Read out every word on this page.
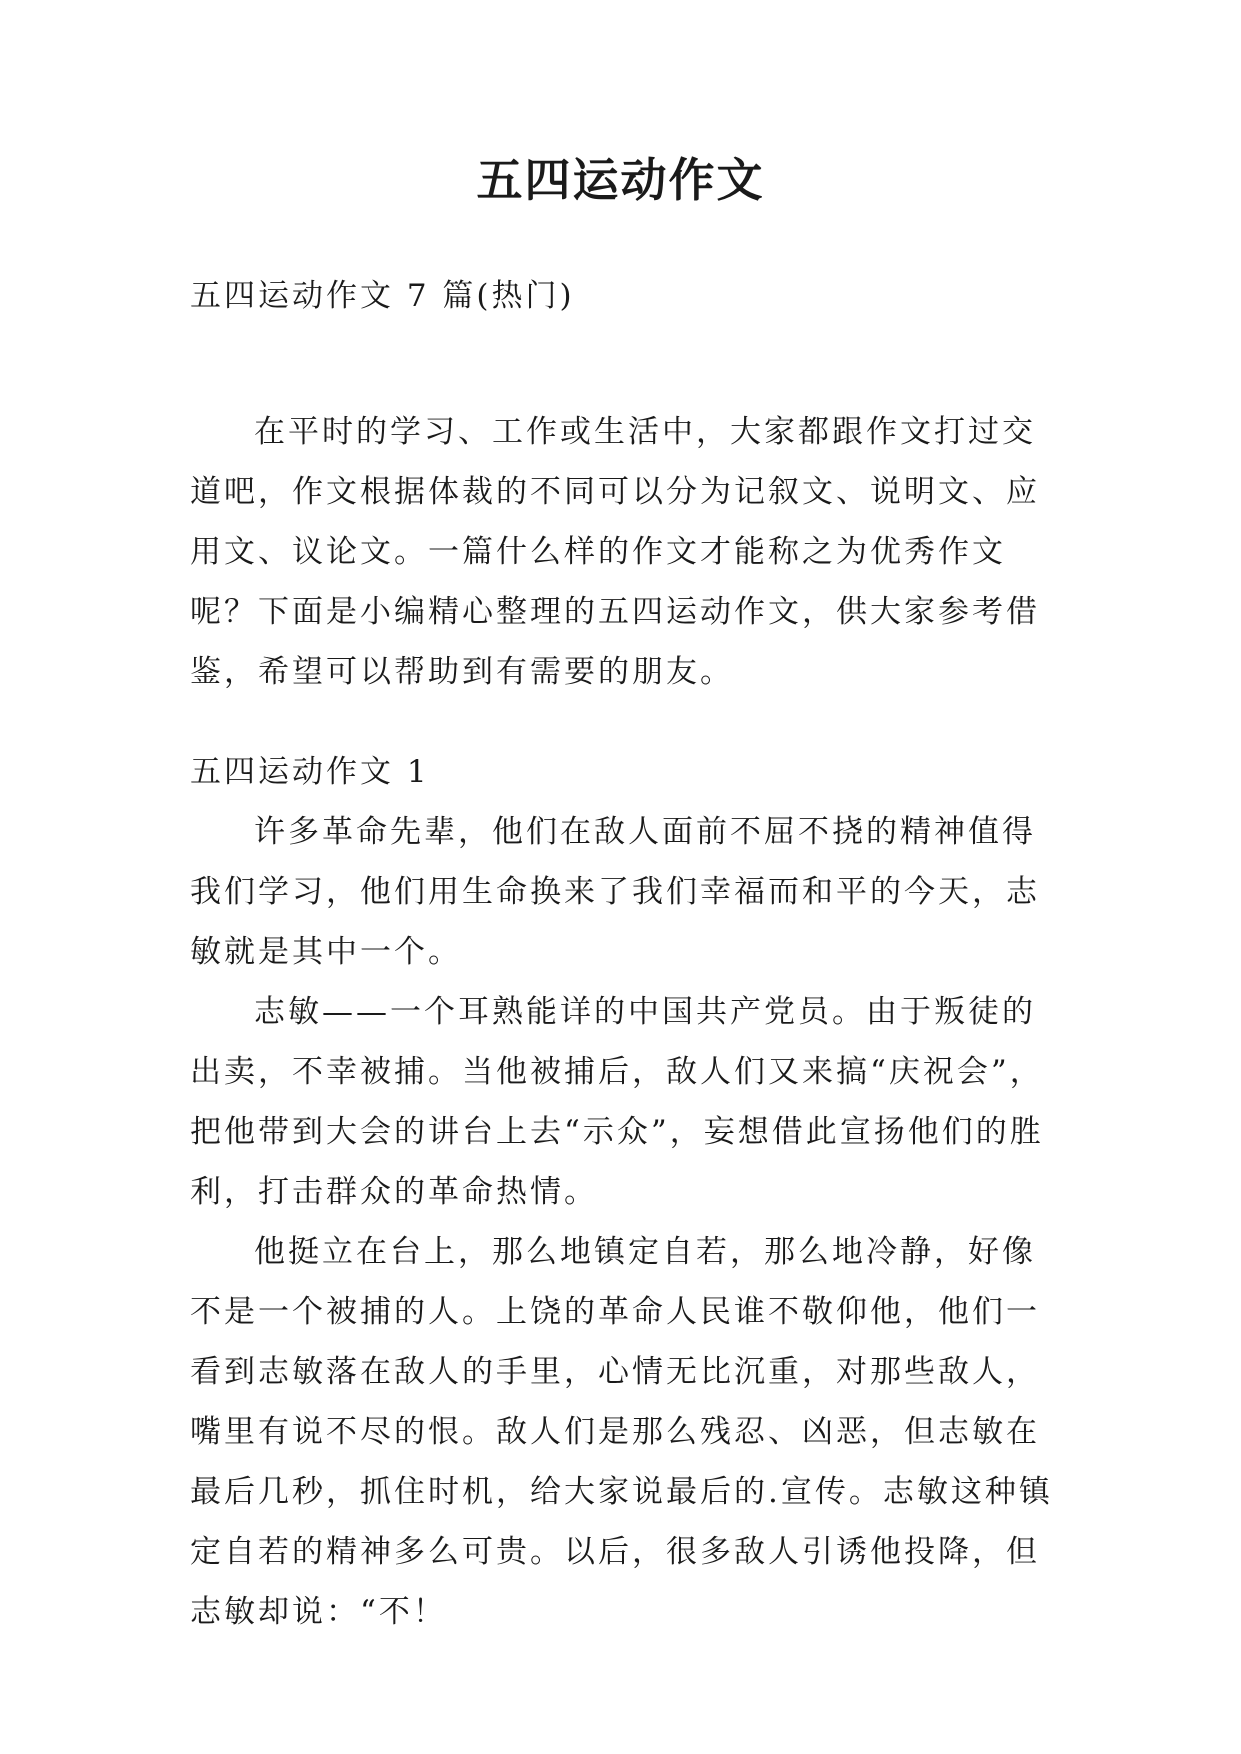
五四运动作文

五四运动作文 7 篇(热门)

在平时的学习、工作或生活中，大家都跟作文打过交道吧，作文根据体裁的不同可以分为记叙文、说明文、应用文、议论文。一篇什么样的作文才能称之为优秀作文呢？下面是小编精心整理的五四运动作文，供大家参考借鉴，希望可以帮助到有需要的朋友。

五四运动作文 1

许多革命先辈，他们在敌人面前不屈不挠的精神值得我们学习，他们用生命换来了我们幸福而和平的今天，志敏就是其中一个。

志敏——一个耳熟能详的中国共产党员。由于叛徒的出卖，不幸被捕。当他被捕后，敌人们又来搞“庆祝会”，把他带到大会的讲台上去“示众”，妄想借此宣扬他们的胜利，打击群众的革命热情。

他挺立在台上，那么地镇定自若，那么地冷静，好像不是一个被捕的人。上饶的革命人民谁不敬仰他，他们一看到志敏落在敌人的手里，心情无比沉重，对那些敌人，嘴里有说不尽的恨。敌人们是那么残忍、凶恶，但志敏在最后几秒，抓住时机，给大家说最后的.宣传。志敏这种镇定自若的精神多么可贵。以后，很多敌人引诱他投降，但志敏却说：“不！
